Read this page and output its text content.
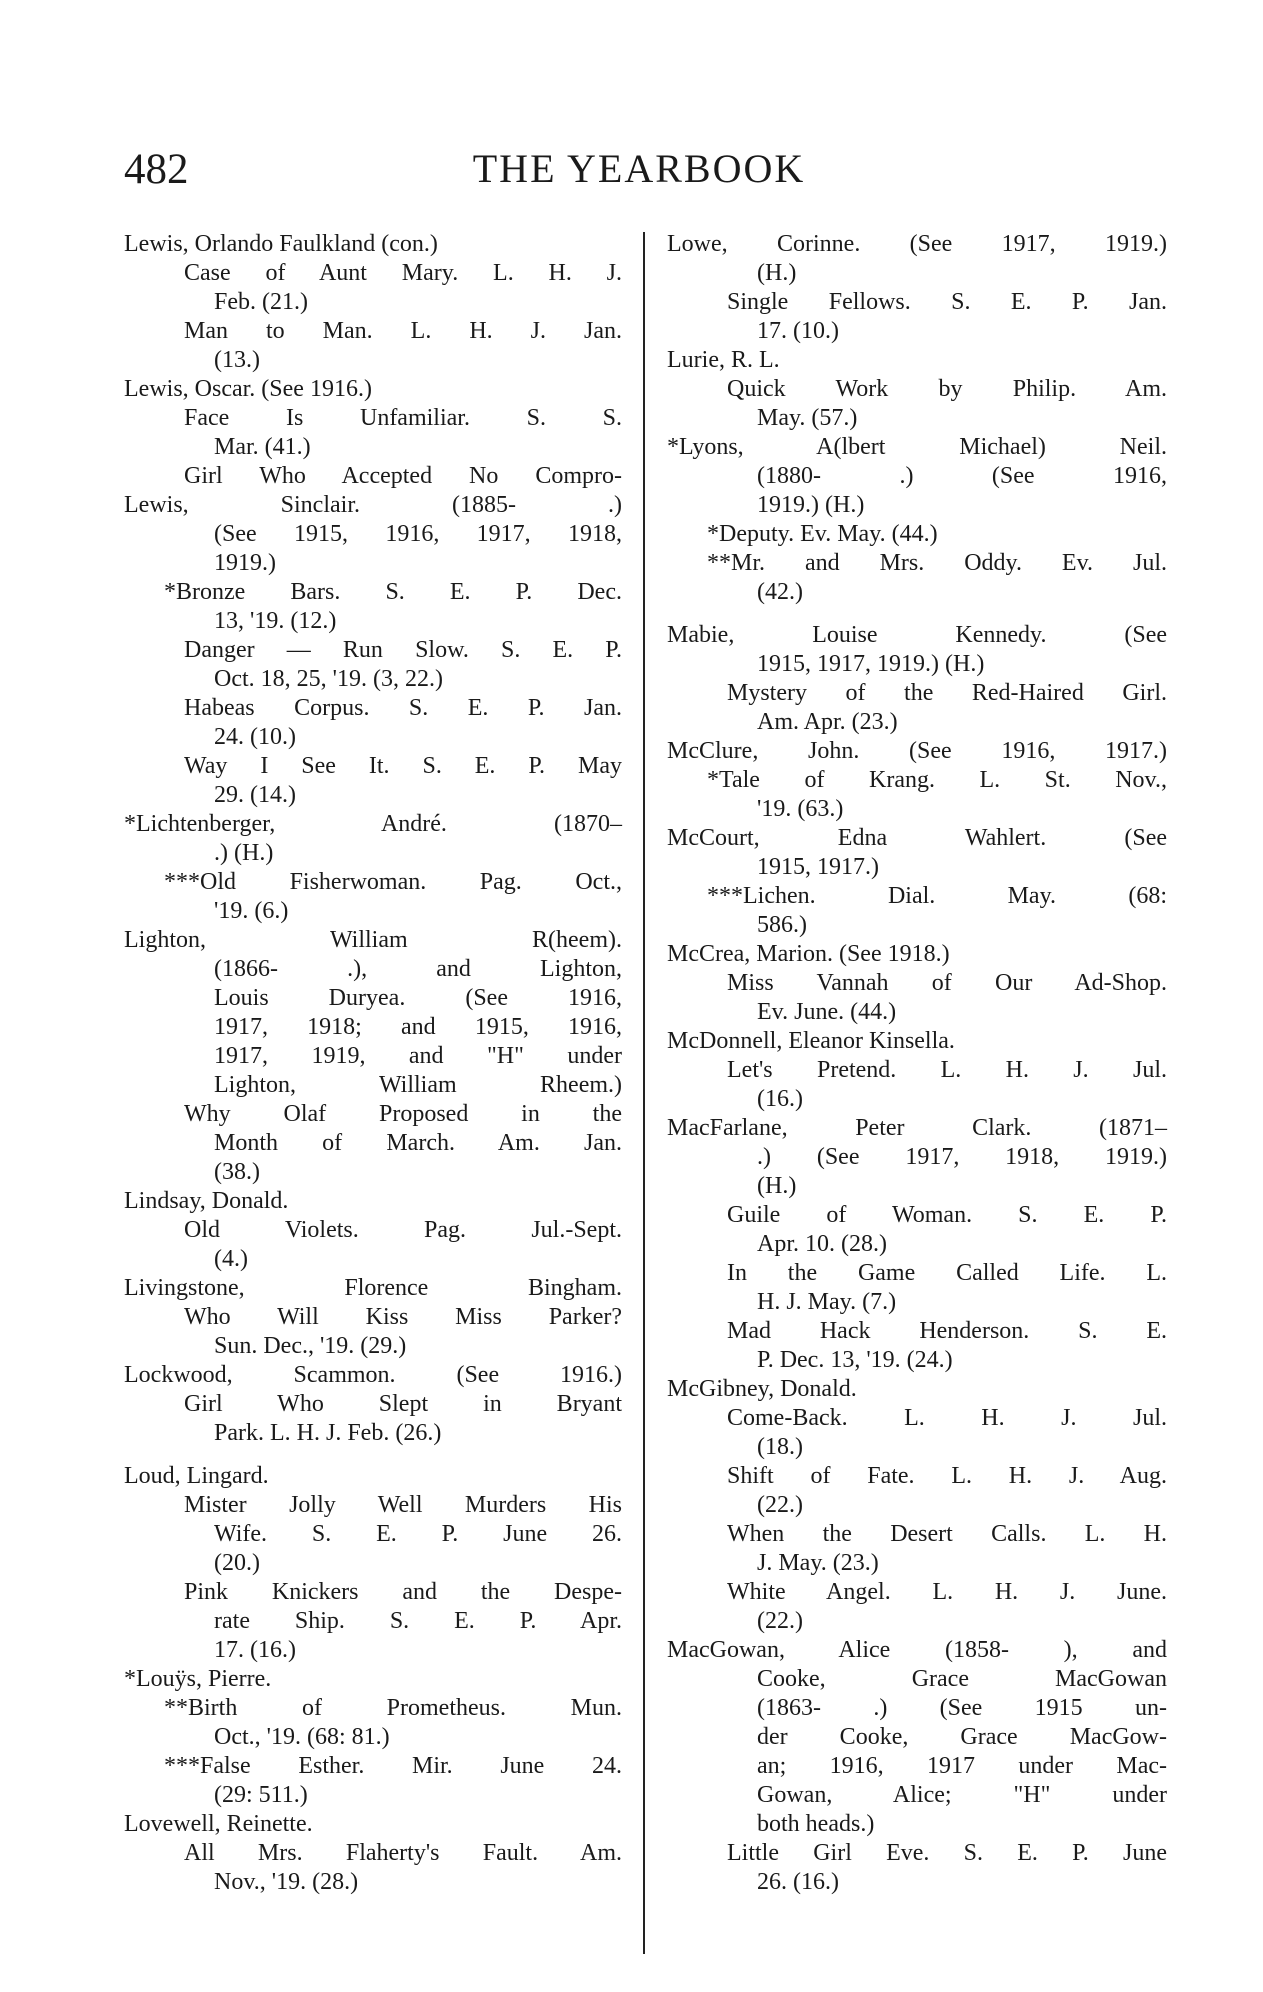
482	THE YEARBOOK
Lewis, Orlando Faulkland (con.)
Case of Aunt Mary. L. H. J.
Feb. (21.)
Man to Man. L. H. J. Jan.
(13.)
Lewis, Oscar. (See 1916.)
Face Is Unfamiliar. S. S.
Mar. (41.)
Girl Who Accepted No Compro-
Lewis, Sinclair. (1885- .)
(See 1915, 1916, 1917, 1918,
1919.)
*Bronze Bars. S. E. P. Dec.
13, '19. (12.)
Danger — Run Slow. S. E. P.
Oct. 18, 25, '19. (3, 22.)
Habeas Corpus. S. E. P. Jan.
24. (10.)
Way I See It. S. E. P. May
29. (14.)
*Lichtenberger, André. (1870–
.) (H.)
***Old Fisherwoman. Pag. Oct.,
'19. (6.)
Lighton, William R(heem).
(1866- .), and Lighton,
Louis Duryea. (See 1916,
1917, 1918; and 1915, 1916,
1917, 1919, and "H" under
Lighton, William Rheem.)
Why Olaf Proposed in the
Month of March. Am. Jan.
(38.)
Lindsay, Donald.
Old Violets. Pag. Jul.-Sept.
(4.)
Livingstone, Florence Bingham.
Who Will Kiss Miss Parker?
Sun. Dec., '19. (29.)
Lockwood, Scammon. (See 1916.)
Girl Who Slept in Bryant
Park. L. H. J. Feb. (26.)
Loud, Lingard.
Mister Jolly Well Murders His
Wife. S. E. P. June 26.
(20.)
Pink Knickers and the Despe-
rate Ship. S. E. P. Apr.
17. (16.)
*Louÿs, Pierre.
**Birth of Prometheus. Mun.
Oct., '19. (68: 81.)
***False Esther. Mir. June 24.
(29: 511.)
Lovewell, Reinette.
All Mrs. Flaherty's Fault. Am.
Nov., '19. (28.)
Lowe, Corinne. (See 1917, 1919.)
(H.)
Single Fellows. S. E. P. Jan.
17. (10.)
Lurie, R. L.
Quick Work by Philip. Am.
May. (57.)
*Lyons, A(lbert Michael) Neil.
(1880- .) (See 1916,
1919.) (H.)
*Deputy. Ev. May. (44.)
**Mr. and Mrs. Oddy. Ev. Jul.
(42.)
Mabie, Louise Kennedy. (See
1915, 1917, 1919.) (H.)
Mystery of the Red-Haired Girl.
Am. Apr. (23.)
McClure, John. (See 1916, 1917.)
*Tale of Krang. L. St. Nov.,
'19. (63.)
McCourt, Edna Wahlert. (See
1915, 1917.)
***Lichen. Dial. May. (68:
586.)
McCrea, Marion. (See 1918.)
Miss Vannah of Our Ad-Shop.
Ev. June. (44.)
McDonnell, Eleanor Kinsella.
Let's Pretend. L. H. J. Jul.
(16.)
MacFarlane, Peter Clark. (1871–
.) (See 1917, 1918, 1919.)
(H.)
Guile of Woman. S. E. P.
Apr. 10. (28.)
In the Game Called Life. L.
H. J. May. (7.)
Mad Hack Henderson. S. E.
P. Dec. 13, '19. (24.)
McGibney, Donald.
Come-Back. L. H. J. Jul.
(18.)
Shift of Fate. L. H. J. Aug.
(22.)
When the Desert Calls. L. H.
J. May. (23.)
White Angel. L. H. J. June.
(22.)
MacGowan, Alice (1858- ), and
Cooke, Grace MacGowan
(1863- .) (See 1915 un-
der Cooke, Grace MacGow-
an; 1916, 1917 under Mac-
Gowan, Alice; "H" under
both heads.)
Little Girl Eve. S. E. P. June
26. (16.)
